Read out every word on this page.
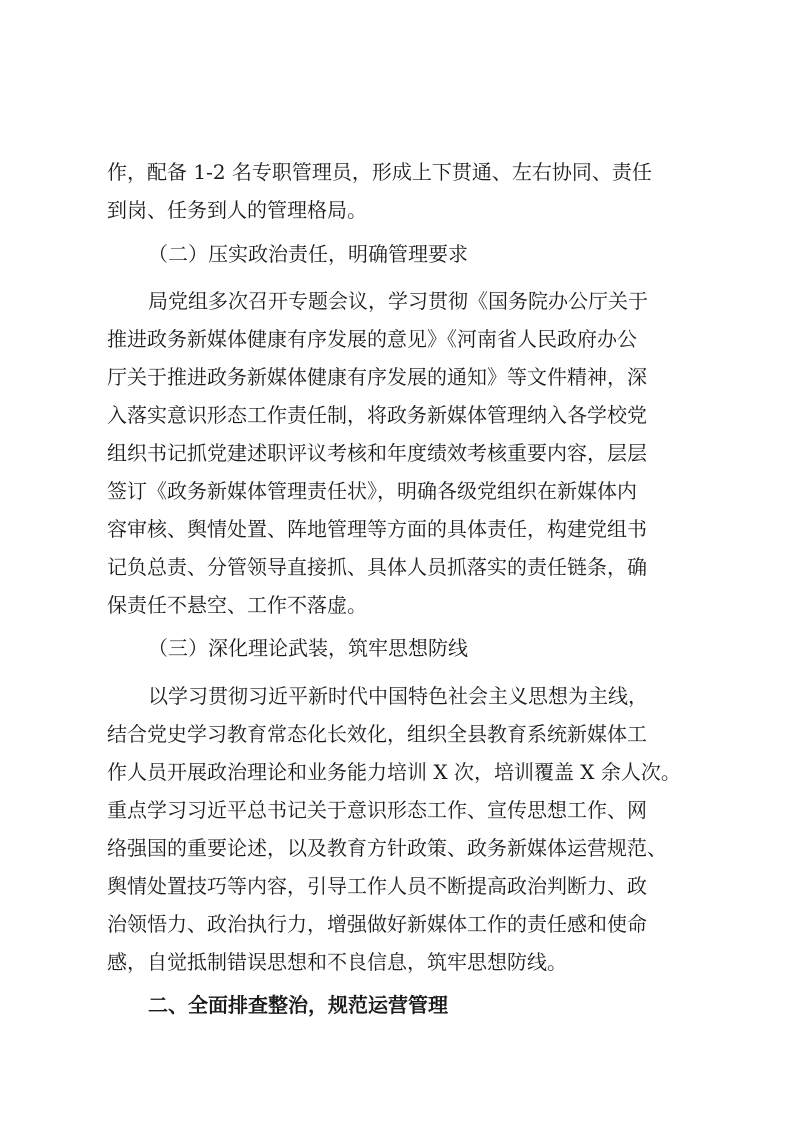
作，配备 1-2 名专职管理员，形成上下贯通、左右协同、责任
到岗、任务到人的管理格局。
（二）压实政治责任，明确管理要求
局党组多次召开专题会议，学习贯彻《国务院办公厅关于
推进政务新媒体健康有序发展的意见》《河南省人民政府办公
厅关于推进政务新媒体健康有序发展的通知》等文件精神，深
入落实意识形态工作责任制，将政务新媒体管理纳入各学校党
组织书记抓党建述职评议考核和年度绩效考核重要内容，层层
签订《政务新媒体管理责任状》，明确各级党组织在新媒体内
容审核、舆情处置、阵地管理等方面的具体责任，构建党组书
记负总责、分管领导直接抓、具体人员抓落实的责任链条，确
保责任不悬空、工作不落虚。
（三）深化理论武装，筑牢思想防线
以学习贯彻习近平新时代中国特色社会主义思想为主线，
结合党史学习教育常态化长效化，组织全县教育系统新媒体工
作人员开展政治理论和业务能力培训 X 次，培训覆盖 X 余人次。
重点学习习近平总书记关于意识形态工作、宣传思想工作、网
络强国的重要论述，以及教育方针政策、政务新媒体运营规范、
舆情处置技巧等内容，引导工作人员不断提高政治判断力、政
治领悟力、政治执行力，增强做好新媒体工作的责任感和使命
感，自觉抵制错误思想和不良信息，筑牢思想防线。
二、全面排查整治，规范运营管理
